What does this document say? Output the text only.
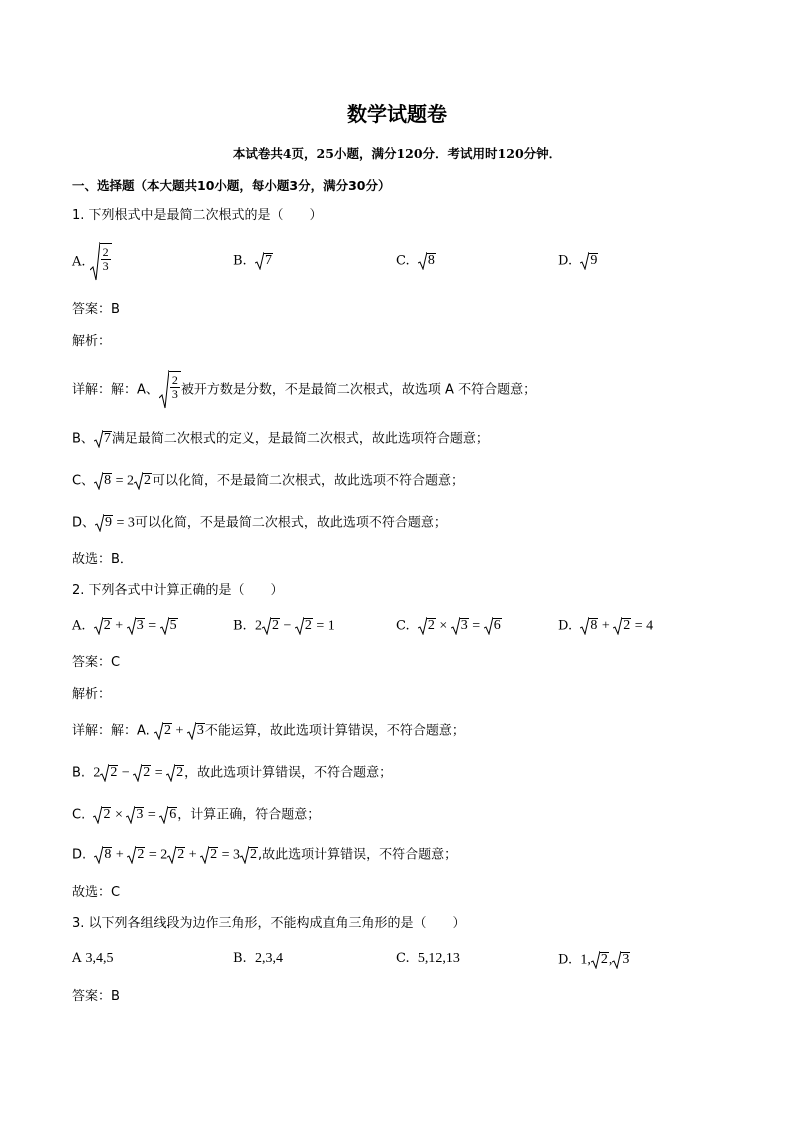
数学试题卷
本试卷共4页，25小题，满分120分．考试用时120分钟．
一、选择题（本大题共10小题，每小题3分，满分30分）
1. 下列根式中是最简二次根式的是（　　）
A. $\frac{2}{3}$	B. 7	C. 8	D. 9
答案：B
解析：
详解：解：A、 $\frac{2}{3}$ 被开方数是分数，不是最简二次根式，故选项 A 不符合题意；
B、 7 满足最简二次根式的定义，是最简二次根式，故此选项符合题意；
C、 8 = 2 2 可以化简，不是最简二次根式，故此选项不符合题意；
D、 9 = 3可以化简，不是最简二次根式，故此选项不符合题意；
故选：B．
2. 下列各式中计算正确的是（　　）
A. 2 + 3 = 5	B. 2 2 − 2 = 1	C. 2 × 3 = 6	D. 8 + 2 = 4
答案：C
解析：
详解：解：A. 2 + 3 不能运算，故此选项计算错误，不符合题意；
B. 2 2 − 2 = 2 ，故此选项计算错误，不符合题意；
C. 2 × 3 = 6 ，计算正确，符合题意；
D. 8 + 2 = 2 2 + 2 = 3 2 ,故此选项计算错误，不符合题意；
故选：C
3. 以下列各组线段为边作三角形，不能构成直角三角形的是（　　）
A 3,4,5	B. 2,3,4	C. 5,12,13	D. 1, 2 , 3
答案：B
